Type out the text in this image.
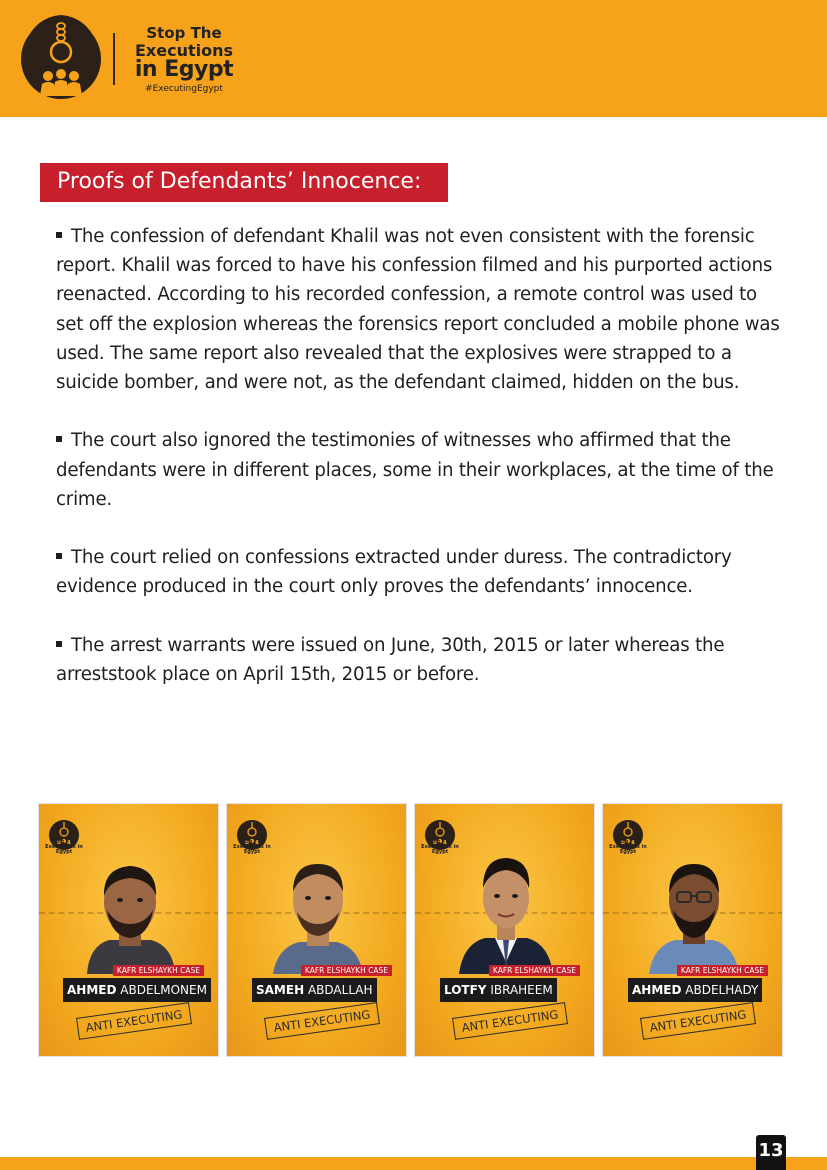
Stop The
Executions
in Egypt
#ExecutingEgypt
Proofs of Defendants’ Innocence:

The confession of defendant Khalil was not even consistent with the forensic report. Khalil was forced to have his confession filmed and his purported actions reenacted. According to his recorded confession, a remote control was used to set off the explosion whereas the forensics report concluded a mobile phone was used. The same report also revealed that the explosives were strapped to a suicide bomber, and were not, as the defendant claimed, hidden on the bus.

The court also ignored the testimonies of witnesses who affirmed that the defendants were in different places, some in their workplaces, at the time of the crime.

The court relied on confessions extracted under duress. The contradictory evidence produced in the court only proves the defendants’ innocence.

The arrest warrants were issued on June, 30th, 2015 or later whereas the arreststook place on April 15th, 2015 or before.

Stop The Executions in Egypt
KAFR ELSHAYKH CASE
AHMED ABDELMONEM
ANTI EXECUTING
Stop The Executions in Egypt
KAFR ELSHAYKH CASE
SAMEH ABDALLAH
ANTI EXECUTING
Stop The Executions in Egypt
KAFR ELSHAYKH CASE
LOTFY IBRAHEEM
ANTI EXECUTING
Stop The Executions in Egypt
KAFR ELSHAYKH CASE
AHMED ABDELHADY
ANTI EXECUTING
13
